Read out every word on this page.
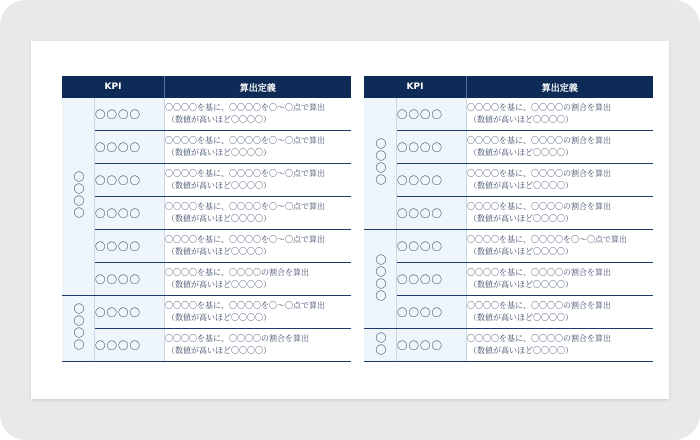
KPI		算出定義
〇〇〇〇	〇〇〇〇	〇〇〇〇を基に、〇〇〇〇を〇～〇点で算出
（数値が高いほど〇〇〇〇）

	〇〇〇〇	〇〇〇〇を基に、〇〇〇〇を〇～〇点で算出
（数値が高いほど〇〇〇〇）

	〇〇〇〇	〇〇〇〇を基に、〇〇〇〇を〇～〇点で算出
（数値が高いほど〇〇〇〇）

	〇〇〇〇	〇〇〇〇を基に、〇〇〇〇を〇～〇点で算出
（数値が高いほど〇〇〇〇）

	〇〇〇〇	〇〇〇〇を基に、〇〇〇〇を〇～〇点で算出
（数値が高いほど〇〇〇〇）

	〇〇〇〇	〇〇〇〇を基に、〇〇〇〇の割合を算出
（数値が高いほど〇〇〇〇）

〇〇〇〇	〇〇〇〇	〇〇〇〇を基に、〇〇〇〇を〇～〇点で算出
（数値が高いほど〇〇〇〇）

	〇〇〇〇	〇〇〇〇を基に、〇〇〇〇の割合を算出
（数値が高いほど〇〇〇〇）
KPI		算出定義
〇〇〇〇	〇〇〇〇	〇〇〇〇を基に、〇〇〇〇の割合を算出
（数値が高いほど〇〇〇〇）

	〇〇〇〇	〇〇〇〇を基に、〇〇〇〇の割合を算出
（数値が高いほど〇〇〇〇）

	〇〇〇〇	〇〇〇〇を基に、〇〇〇〇の割合を算出
（数値が高いほど〇〇〇〇）

	〇〇〇〇	〇〇〇〇を基に、〇〇〇〇の割合を算出
（数値が高いほど〇〇〇〇）

〇〇〇〇	〇〇〇〇	〇〇〇〇を基に、〇〇〇〇を〇～〇点で算出
（数値が高いほど〇〇〇〇）

	〇〇〇〇	〇〇〇〇を基に、〇〇〇〇の割合を算出
（数値が高いほど〇〇〇〇）

	〇〇〇〇	〇〇〇〇を基に、〇〇〇〇の割合を算出
（数値が高いほど〇〇〇〇）

〇〇	〇〇〇〇	〇〇〇〇を基に、〇〇〇〇の割合を算出
（数値が高いほど〇〇〇〇）
